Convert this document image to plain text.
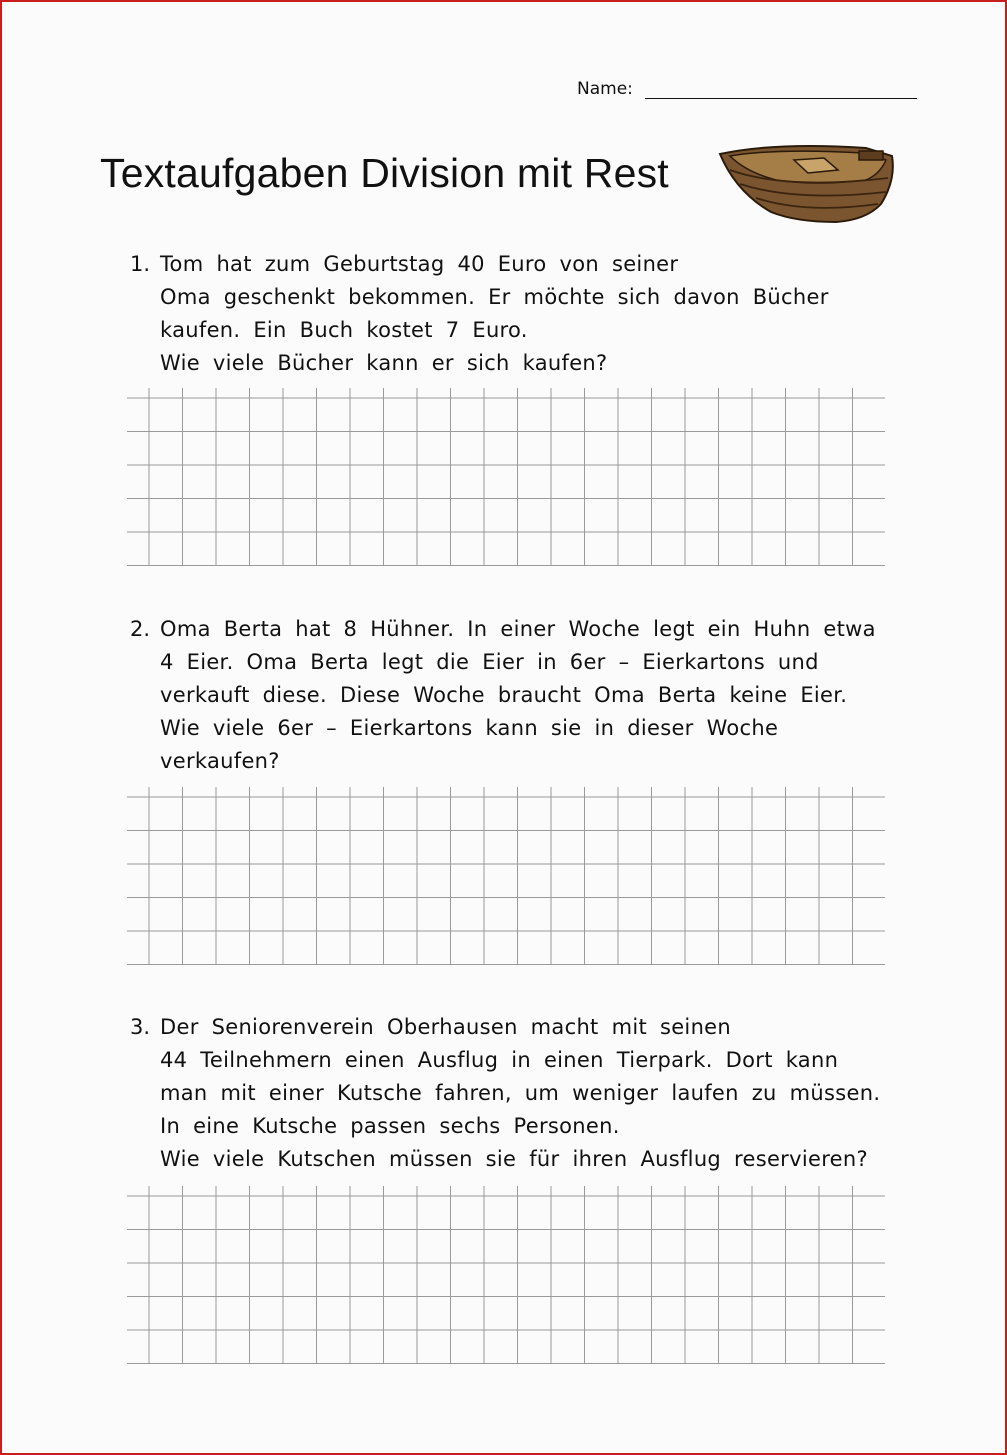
Name:
Textaufgaben Division mit Rest
1. Tom hat zum Geburtstag 40 Euro von seiner
Oma geschenkt bekommen. Er möchte sich davon Bücher
kaufen. Ein Buch kostet 7 Euro.
Wie viele Bücher kann er sich kaufen?
2. Oma Berta hat 8 Hühner. In einer Woche legt ein Huhn etwa
4 Eier. Oma Berta legt die Eier in 6er – Eierkartons und
verkauft diese. Diese Woche braucht Oma Berta keine Eier.
Wie viele 6er – Eierkartons kann sie in dieser Woche
verkaufen?
3. Der Seniorenverein Oberhausen macht mit seinen
44 Teilnehmern einen Ausflug in einen Tierpark. Dort kann
man mit einer Kutsche fahren, um weniger laufen zu müssen.
In eine Kutsche passen sechs Personen.
Wie viele Kutschen müssen sie für ihren Ausflug reservieren?
